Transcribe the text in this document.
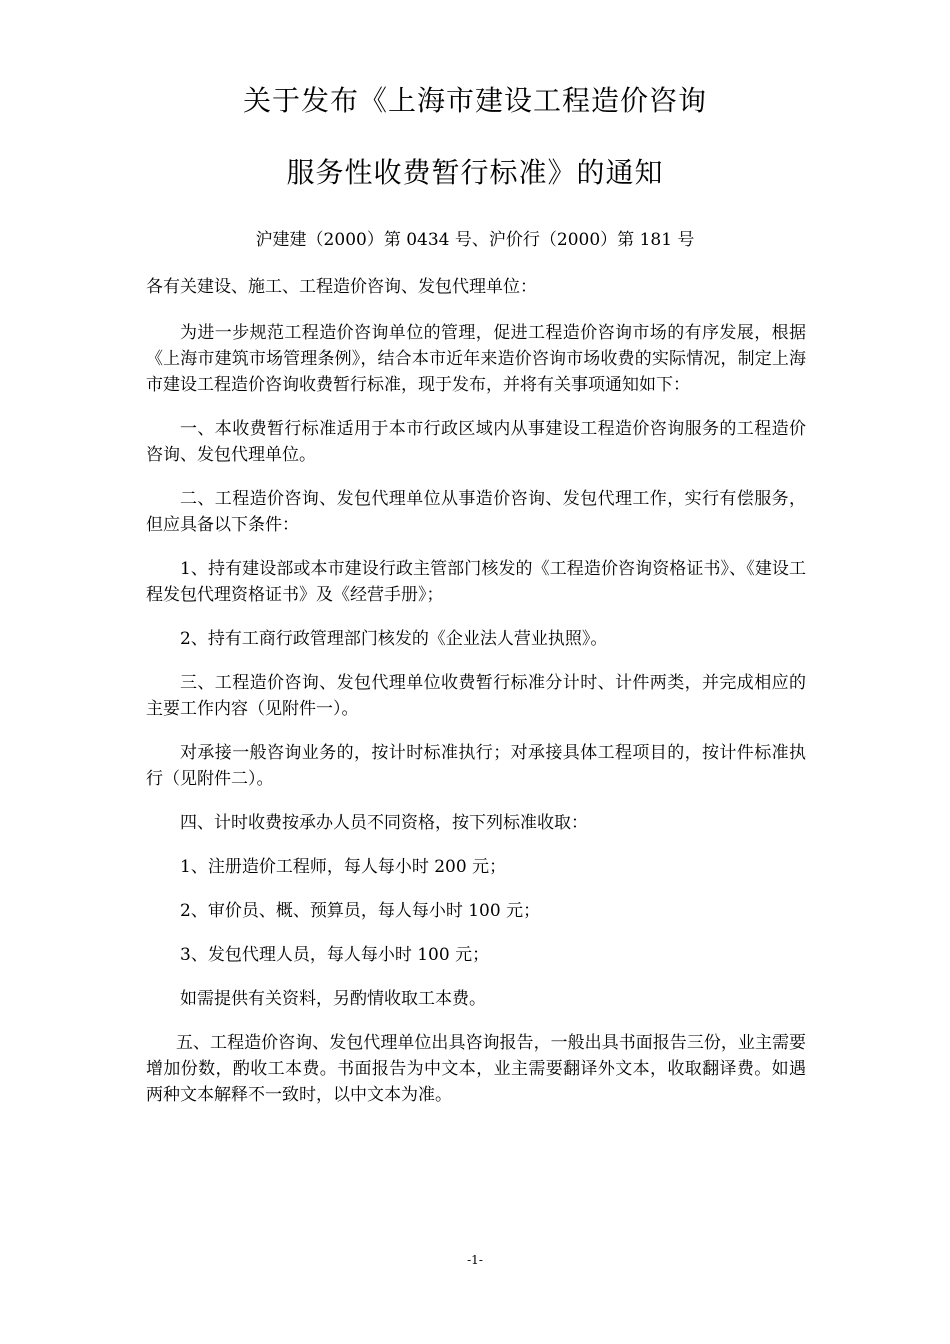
关于发布《上海市建设工程造价咨询
服务性收费暂行标准》的通知
沪建建（2000）第 0434 号、沪价行（2000）第 181 号

各有关建设、施工、工程造价咨询、发包代理单位：

为进一步规范工程造价咨询单位的管理，促进工程造价咨询市场的有序发展，根据《上海市建筑市场管理条例》，结合本市近年来造价咨询市场收费的实际情况，制定上海市建设工程造价咨询收费暂行标准，现于发布，并将有关事项通知如下：

一、本收费暂行标准适用于本市行政区域内从事建设工程造价咨询服务的工程造价咨询、发包代理单位。

二、工程造价咨询、发包代理单位从事造价咨询、发包代理工作，实行有偿服务，但应具备以下条件：

1、持有建设部或本市建设行政主管部门核发的《工程造价咨询资格证书》、《建设工程发包代理资格证书》及《经营手册》；

2、持有工商行政管理部门核发的《企业法人营业执照》。

三、工程造价咨询、发包代理单位收费暂行标准分计时、计件两类，并完成相应的主要工作内容（见附件一）。

对承接一般咨询业务的，按计时标准执行；对承接具体工程项目的，按计件标准执行（见附件二）。

四、计时收费按承办人员不同资格，按下列标准收取：

1、注册造价工程师，每人每小时 200 元；

2、审价员、概、预算员，每人每小时 100 元；

3、发包代理人员，每人每小时 100 元；

如需提供有关资料，另酌情收取工本费。

五、工程造价咨询、发包代理单位出具咨询报告，一般出具书面报告三份，业主需要增加份数，酌收工本费。书面报告为中文本，业主需要翻译外文本，收取翻译费。如遇两种文本解释不一致时，以中文本为准。

-1-
